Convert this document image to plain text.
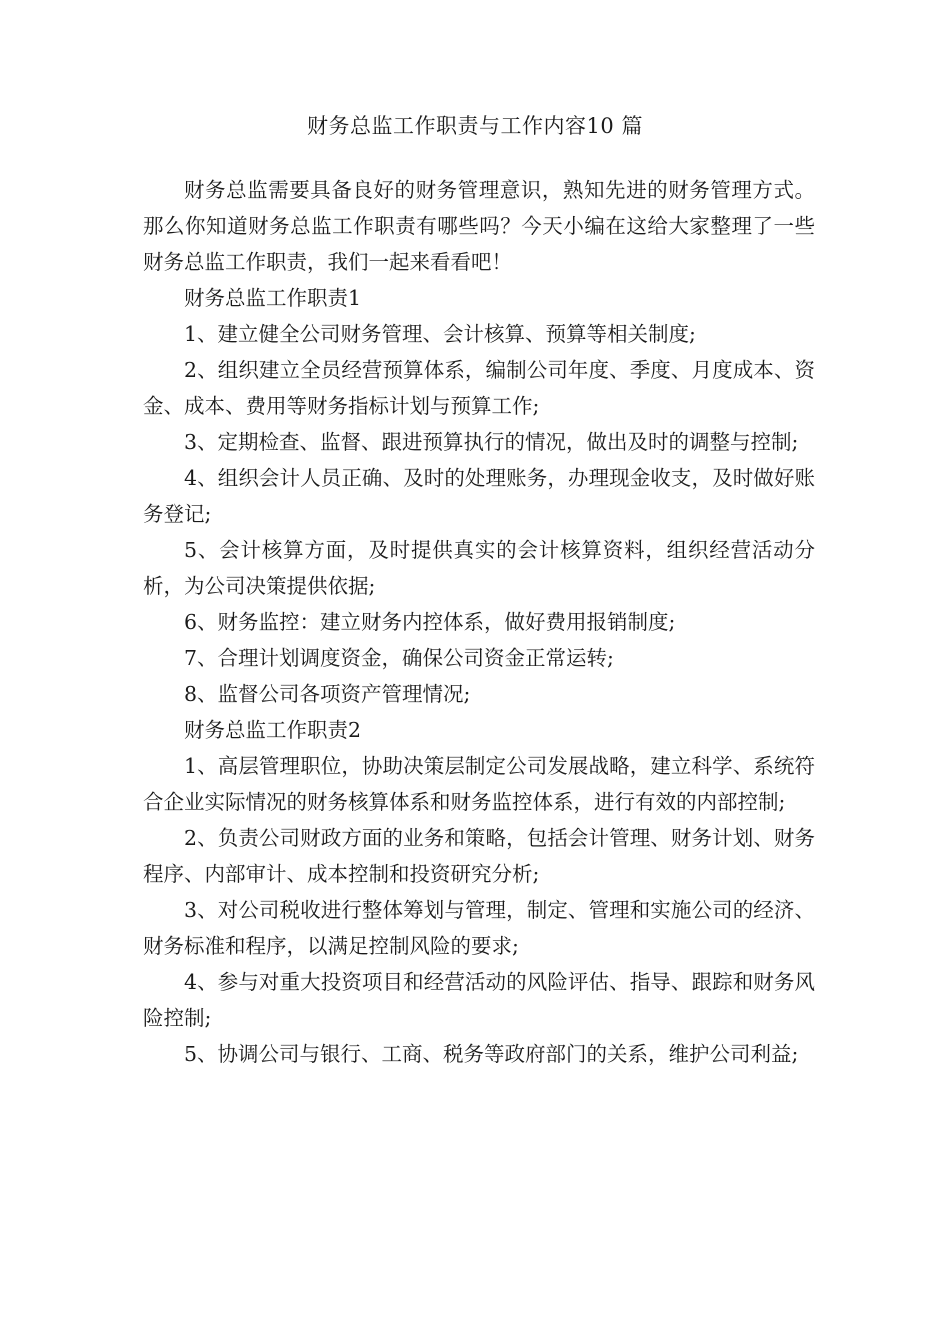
财务总监工作职责与工作内容10 篇

财务总监需要具备良好的财务管理意识，熟知先进的财务管理方式。那么你知道财务总监工作职责有哪些吗？今天小编在这给大家整理了一些财务总监工作职责，我们一起来看看吧！

财务总监工作职责1

1、建立健全公司财务管理、会计核算、预算等相关制度;

2、组织建立全员经营预算体系，编制公司年度、季度、月度成本、资金、成本、费用等财务指标计划与预算工作;

3、定期检查、监督、跟进预算执行的情况，做出及时的调整与控制;

4、组织会计人员正确、及时的处理账务，办理现金收支，及时做好账务登记;

5、会计核算方面，及时提供真实的会计核算资料，组织经营活动分析，为公司决策提供依据;

6、财务监控：建立财务内控体系，做好费用报销制度;

7、合理计划调度资金，确保公司资金正常运转;

8、监督公司各项资产管理情况;

财务总监工作职责2

1、高层管理职位，协助决策层制定公司发展战略，建立科学、系统符合企业实际情况的财务核算体系和财务监控体系，进行有效的内部控制;

2、负责公司财政方面的业务和策略，包括会计管理、财务计划、财务程序、内部审计、成本控制和投资研究分析;

3、对公司税收进行整体筹划与管理，制定、管理和实施公司的经济、财务标准和程序，以满足控制风险的要求;

4、参与对重大投资项目和经营活动的风险评估、指导、跟踪和财务风险控制;

5、协调公司与银行、工商、税务等政府部门的关系，维护公司利益;
